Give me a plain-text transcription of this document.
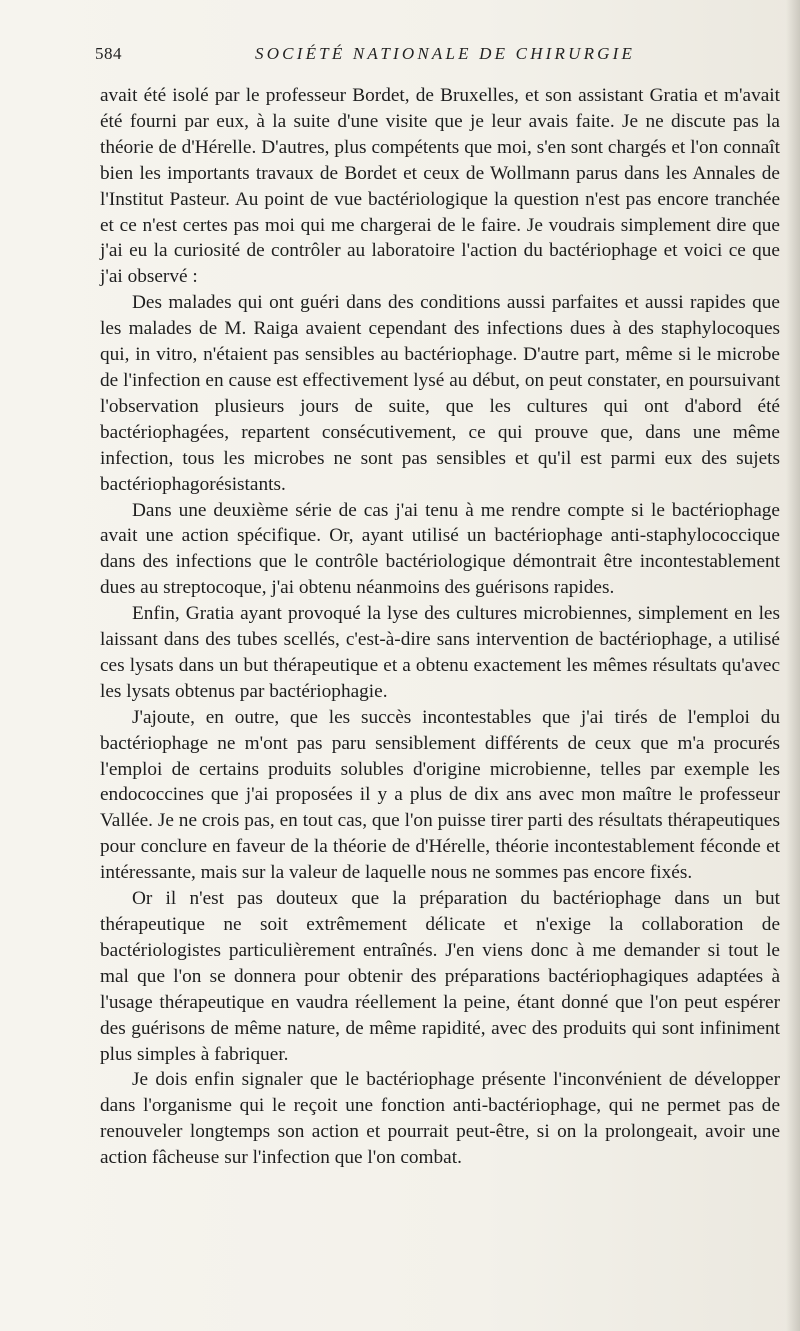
584	SOCIÉTÉ NATIONALE DE CHIRURGIE

avait été isolé par le professeur Bordet, de Bruxelles, et son assistant Gratia et m'avait été fourni par eux, à la suite d'une visite que je leur avais faite. Je ne discute pas la théorie de d'Hérelle. D'autres, plus compétents que moi, s'en sont chargés et l'on connaît bien les importants travaux de Bordet et ceux de Wollmann parus dans les Annales de l'Institut Pasteur. Au point de vue bactériologique la question n'est pas encore tranchée et ce n'est certes pas moi qui me chargerai de le faire. Je voudrais simplement dire que j'ai eu la curiosité de contrôler au laboratoire l'action du bactériophage et voici ce que j'ai observé :

Des malades qui ont guéri dans des conditions aussi parfaites et aussi rapides que les malades de M. Raiga avaient cependant des infections dues à des staphylocoques qui, in vitro, n'étaient pas sensibles au bactériophage. D'autre part, même si le microbe de l'infection en cause est effectivement lysé au début, on peut constater, en poursuivant l'observation plusieurs jours de suite, que les cultures qui ont d'abord été bactériophagées, repartent consécutivement, ce qui prouve que, dans une même infection, tous les microbes ne sont pas sensibles et qu'il est parmi eux des sujets bactériophagorésistants.

Dans une deuxième série de cas j'ai tenu à me rendre compte si le bactériophage avait une action spécifique. Or, ayant utilisé un bactériophage anti-staphylococcique dans des infections que le contrôle bactériologique démontrait être incontestablement dues au streptocoque, j'ai obtenu néanmoins des guérisons rapides.

Enfin, Gratia ayant provoqué la lyse des cultures microbiennes, simplement en les laissant dans des tubes scellés, c'est-à-dire sans intervention de bactériophage, a utilisé ces lysats dans un but thérapeutique et a obtenu exactement les mêmes résultats qu'avec les lysats obtenus par bactériophagie.

J'ajoute, en outre, que les succès incontestables que j'ai tirés de l'emploi du bactériophage ne m'ont pas paru sensiblement différents de ceux que m'a procurés l'emploi de certains produits solubles d'origine microbienne, telles par exemple les endococcines que j'ai proposées il y a plus de dix ans avec mon maître le professeur Vallée. Je ne crois pas, en tout cas, que l'on puisse tirer parti des résultats thérapeutiques pour conclure en faveur de la théorie de d'Hérelle, théorie incontestablement féconde et intéressante, mais sur la valeur de laquelle nous ne sommes pas encore fixés.

Or il n'est pas douteux que la préparation du bactériophage dans un but thérapeutique ne soit extrêmement délicate et n'exige la collaboration de bactériologistes particulièrement entraînés. J'en viens donc à me demander si tout le mal que l'on se donnera pour obtenir des préparations bactériophagiques adaptées à l'usage thérapeutique en vaudra réellement la peine, étant donné que l'on peut espérer des guérisons de même nature, de même rapidité, avec des produits qui sont infiniment plus simples à fabriquer.

Je dois enfin signaler que le bactériophage présente l'inconvénient de développer dans l'organisme qui le reçoit une fonction anti-bactériophage, qui ne permet pas de renouveler longtemps son action et pourrait peut-être, si on la prolongeait, avoir une action fâcheuse sur l'infection que l'on combat.
